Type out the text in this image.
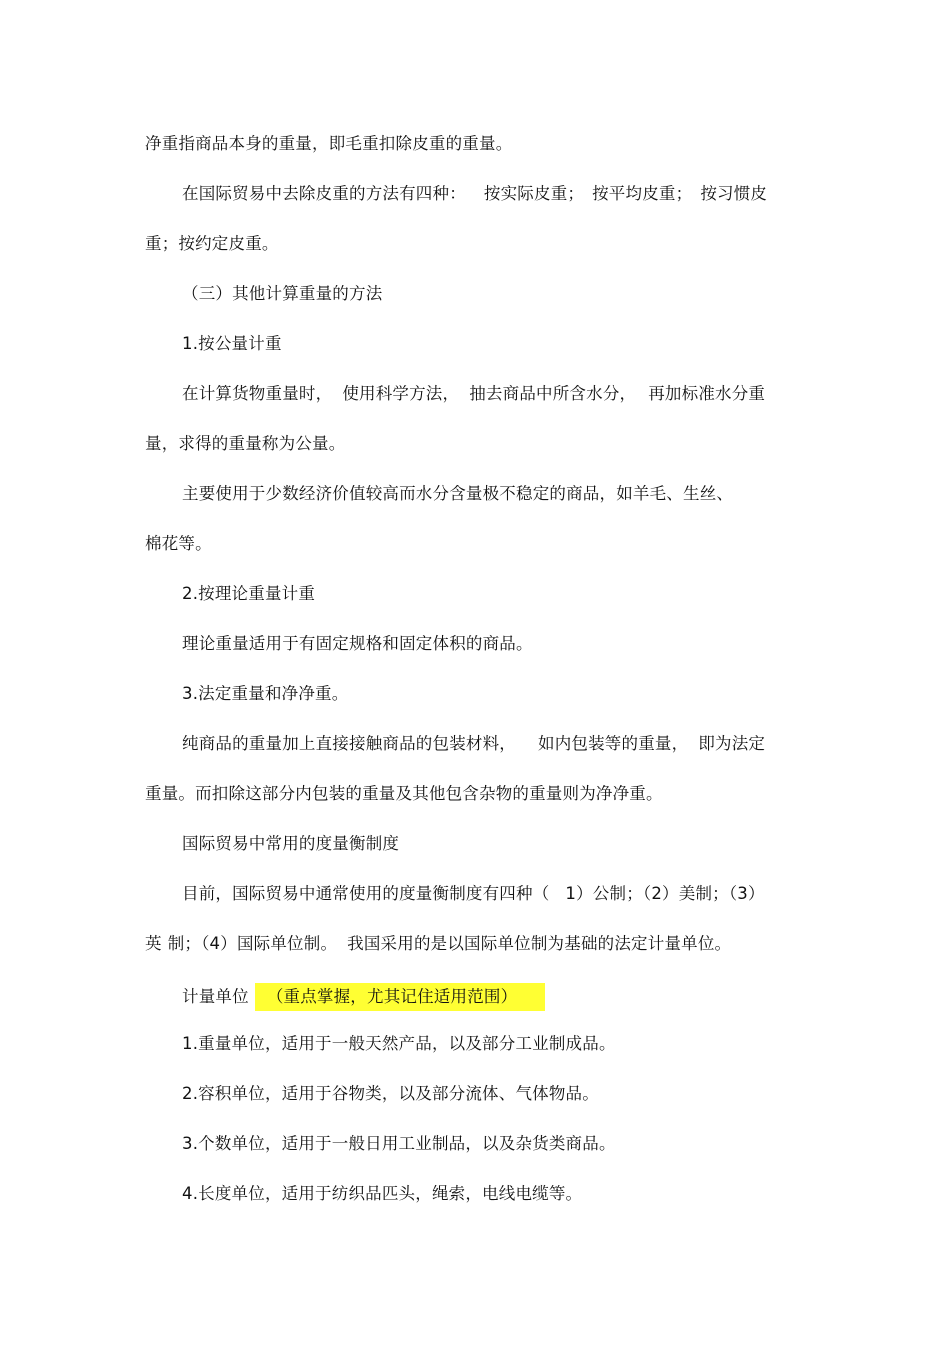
净重指商品本身的重量，即毛重扣除皮重的重量。
在国际贸易中去除皮重的方法有四种： 按实际皮重； 按平均皮重； 按习惯皮
重；按约定皮重。
（三）其他计算重量的方法
1.按公量计重
在计算货物重量时， 使用科学方法， 抽去商品中所含水分， 再加标准水分重
量，求得的重量称为公量。
主要使用于少数经济价值较高而水分含量极不稳定的商品，如羊毛、生丝、
棉花等。
2.按理论重量计重
理论重量适用于有固定规格和固定体积的商品。
3.法定重量和净净重。
纯商品的重量加上直接接触商品的包装材料， 如内包装等的重量， 即为法定
重量。而扣除这部分内包装的重量及其他包含杂物的重量则为净净重。
国际贸易中常用的度量衡制度
目前，国际贸易中通常使用的度量衡制度有四种（ 1）公制；（2）美制；（3）
英 制；（4）国际单位制。 我国采用的是以国际单位制为基础的法定计量单位。
计量单位 （重点掌握，尤其记住适用范围）
1.重量单位，适用于一般天然产品，以及部分工业制成品。
2.容积单位，适用于谷物类，以及部分流体、气体物品。
3.个数单位，适用于一般日用工业制品，以及杂货类商品。
4.长度单位，适用于纺织品匹头，绳索，电线电缆等。
